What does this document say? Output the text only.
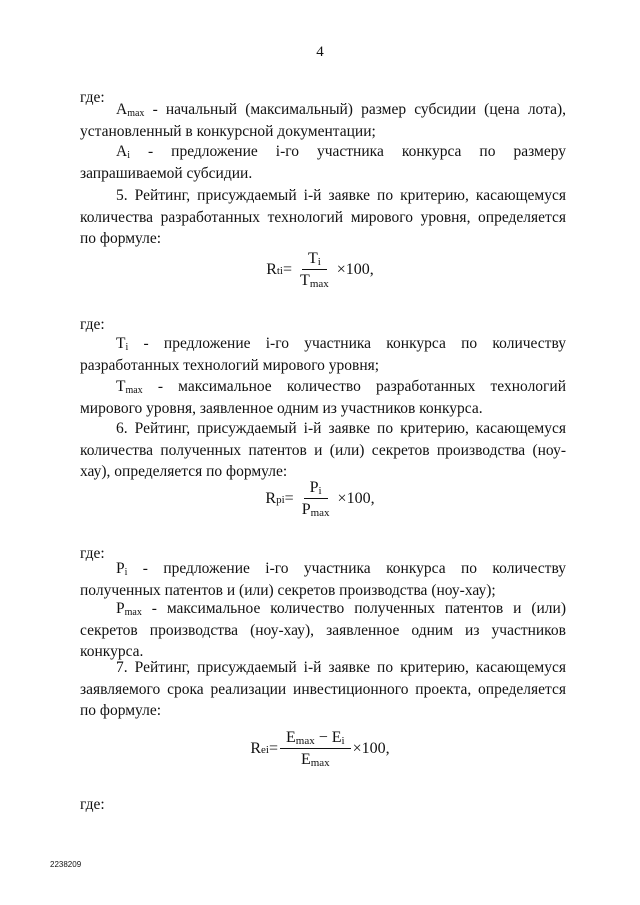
4
где:
$A_{max}$ - начальный (максимальный) размер субсидии (цена лота), установленный в конкурсной документации;
$A_i$ - предложение i-го участника конкурса по размеру запрашиваемой субсидии.
5. Рейтинг, присуждаемый i-й заявке по критерию, касающемуся количества разработанных технологий мирового уровня, определяется по формуле:
R ti = $\frac{T_i}{T_{max}} \times 100$,
где:
$T_i$ - предложение i-го участника конкурса по количеству разработанных технологий мирового уровня;
$T_{max}$ - максимальное количество разработанных технологий мирового уровня, заявленное одним из участников конкурса.
6. Рейтинг, присуждаемый i-й заявке по критерию, касающемуся количества полученных патентов и (или) секретов производства (ноу-хау), определяется по формуле:
R pi = $\frac{P_i}{P_{max}} \times 100$,
где:
$P_i$ - предложение i-го участника конкурса по количеству полученных патентов и (или) секретов производства (ноу-хау);
$P_{max}$ - максимальное количество полученных патентов и (или) секретов производства (ноу-хау), заявленное одним из участников конкурса.
7. Рейтинг, присуждаемый i-й заявке по критерию, касающемуся заявляемого срока реализации инвестиционного проекта, определяется по формуле:
R ei = $\frac{E_{max} - E_i}{E_{max}} \times 100$,
где:
2238209
